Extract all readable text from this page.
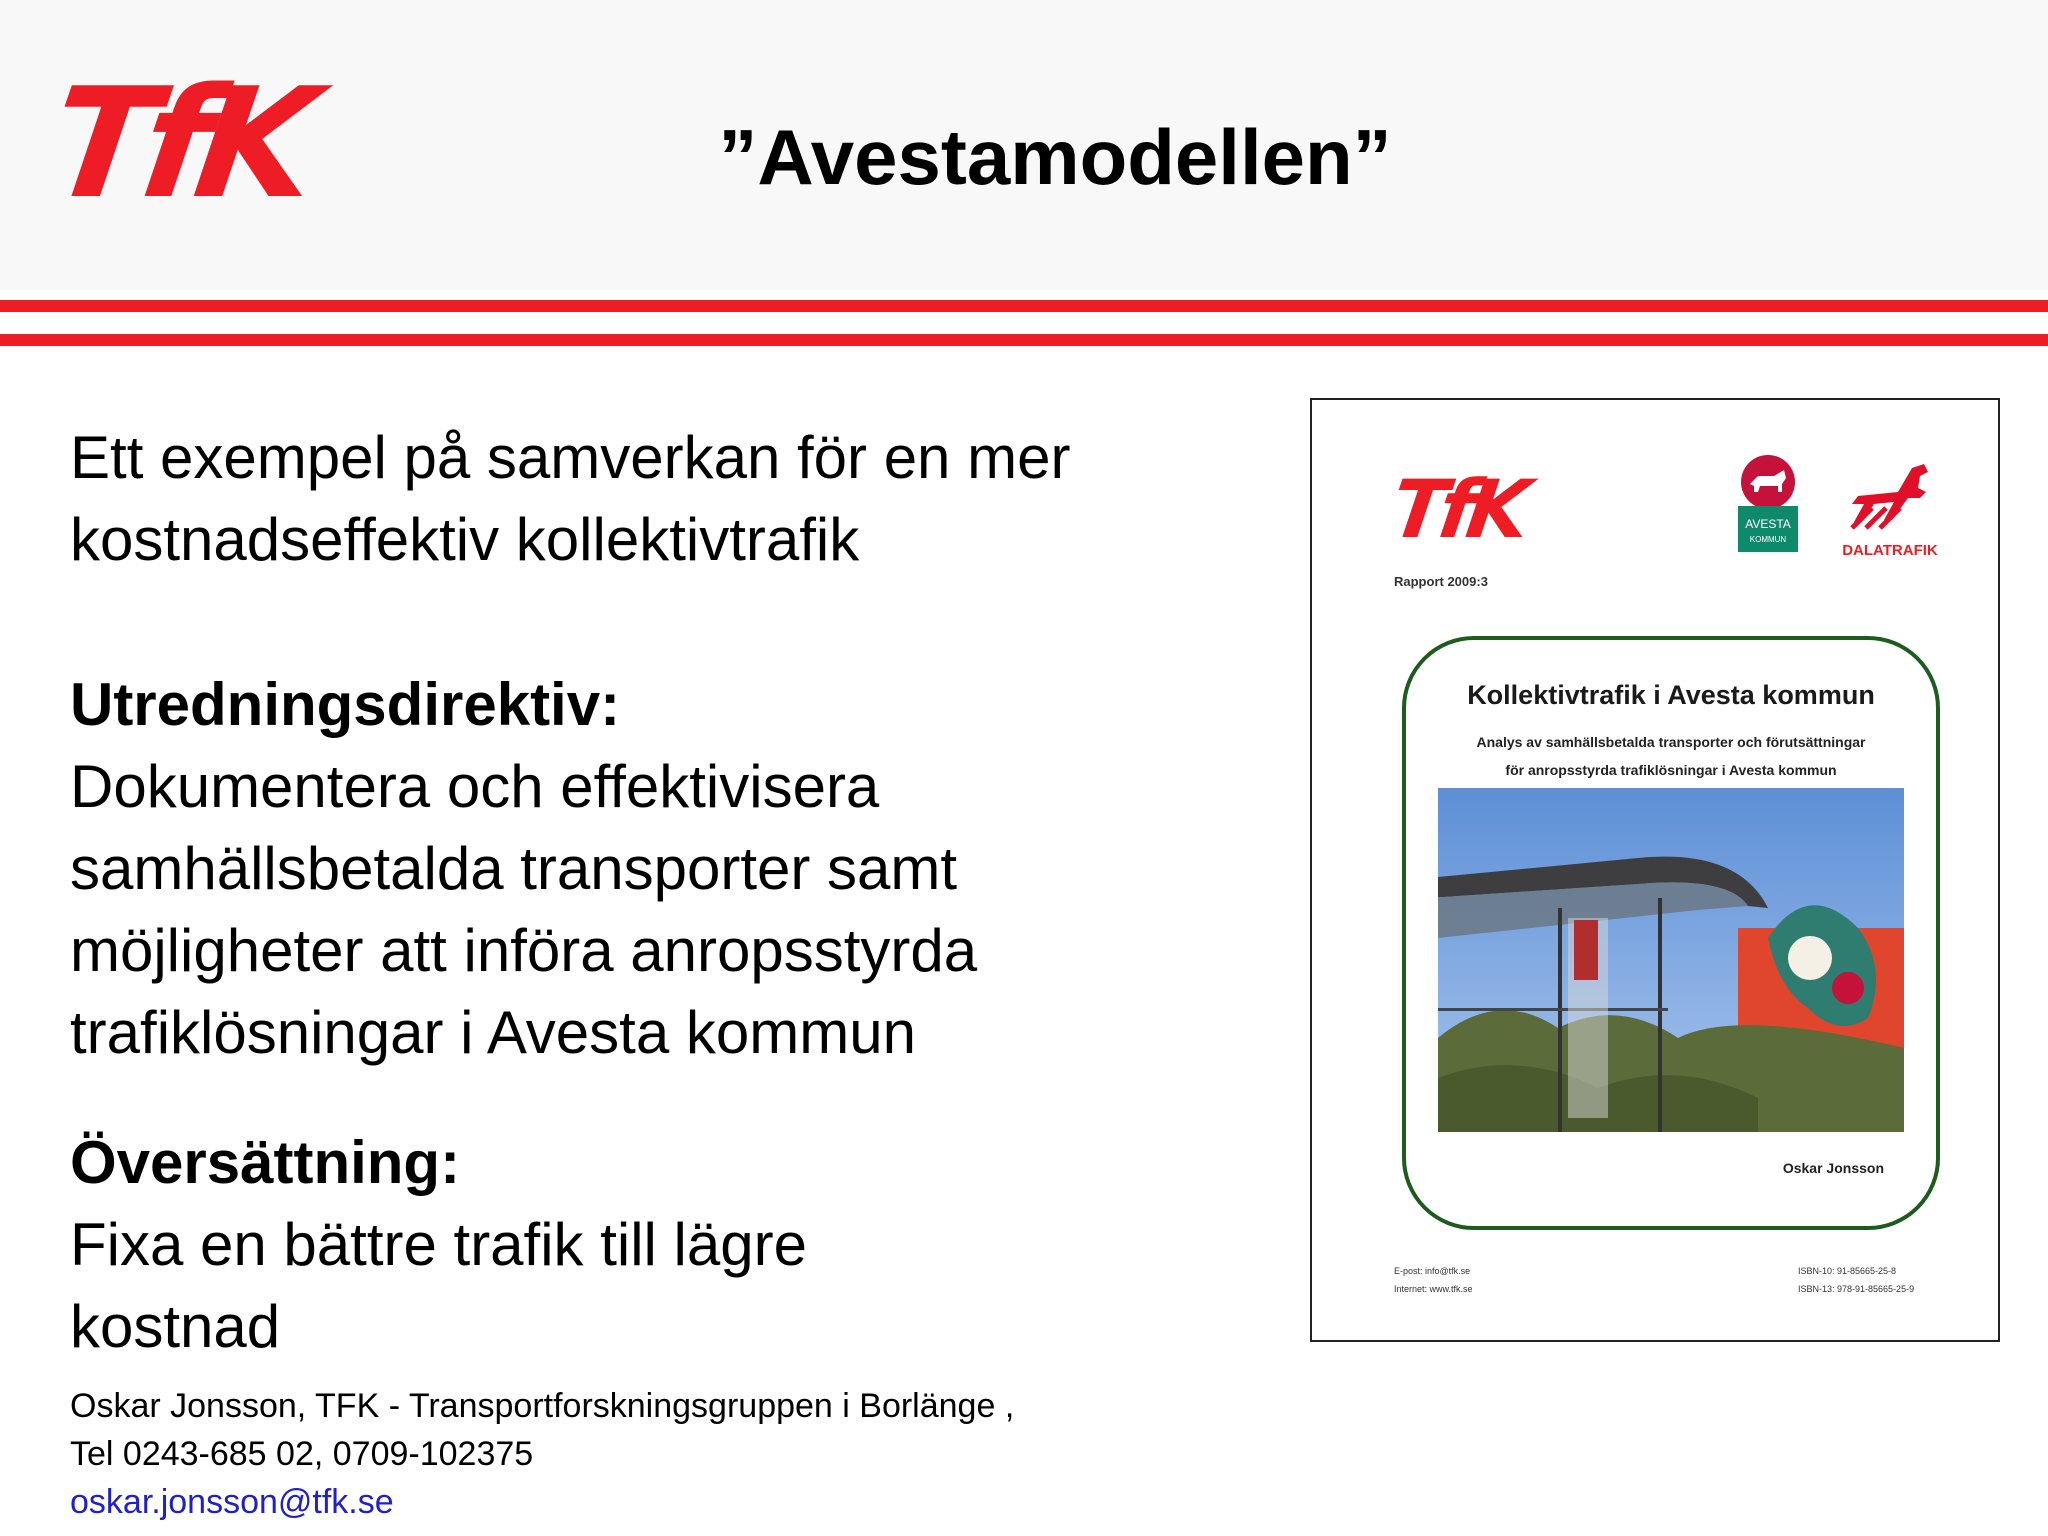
TfK	”Avestamodellen”
Ett exempel på samverkan för en mer
kostnadseffektiv kollektivtrafik
Utredningsdirektiv:
Dokumentera och effektivisera
samhällsbetalda transporter samt
möjligheter att införa anropsstyrda
trafiklösningar i Avesta kommun
Översättning:
Fixa en bättre trafik till lägre
kostnad
Oskar Jonsson, TFK - Transportforskningsgruppen i Borlänge ,
Tel 0243-685 02, 0709-102375
oskar.jonsson@tfk.se
TfK	AVESTA
KOMMUN
DALATRAFIK
Rapport 2009:3
Kollektivtrafik i Avesta kommun
Analys av samhällsbetalda transporter och förutsättningar
för anropsstyrda trafiklösningar i Avesta kommun
Oskar Jonsson
E-post: info@tfk.se
Internet: www.tfk.se
ISBN-10: 91-85665-25-8
ISBN-13: 978-91-85665-25-9
